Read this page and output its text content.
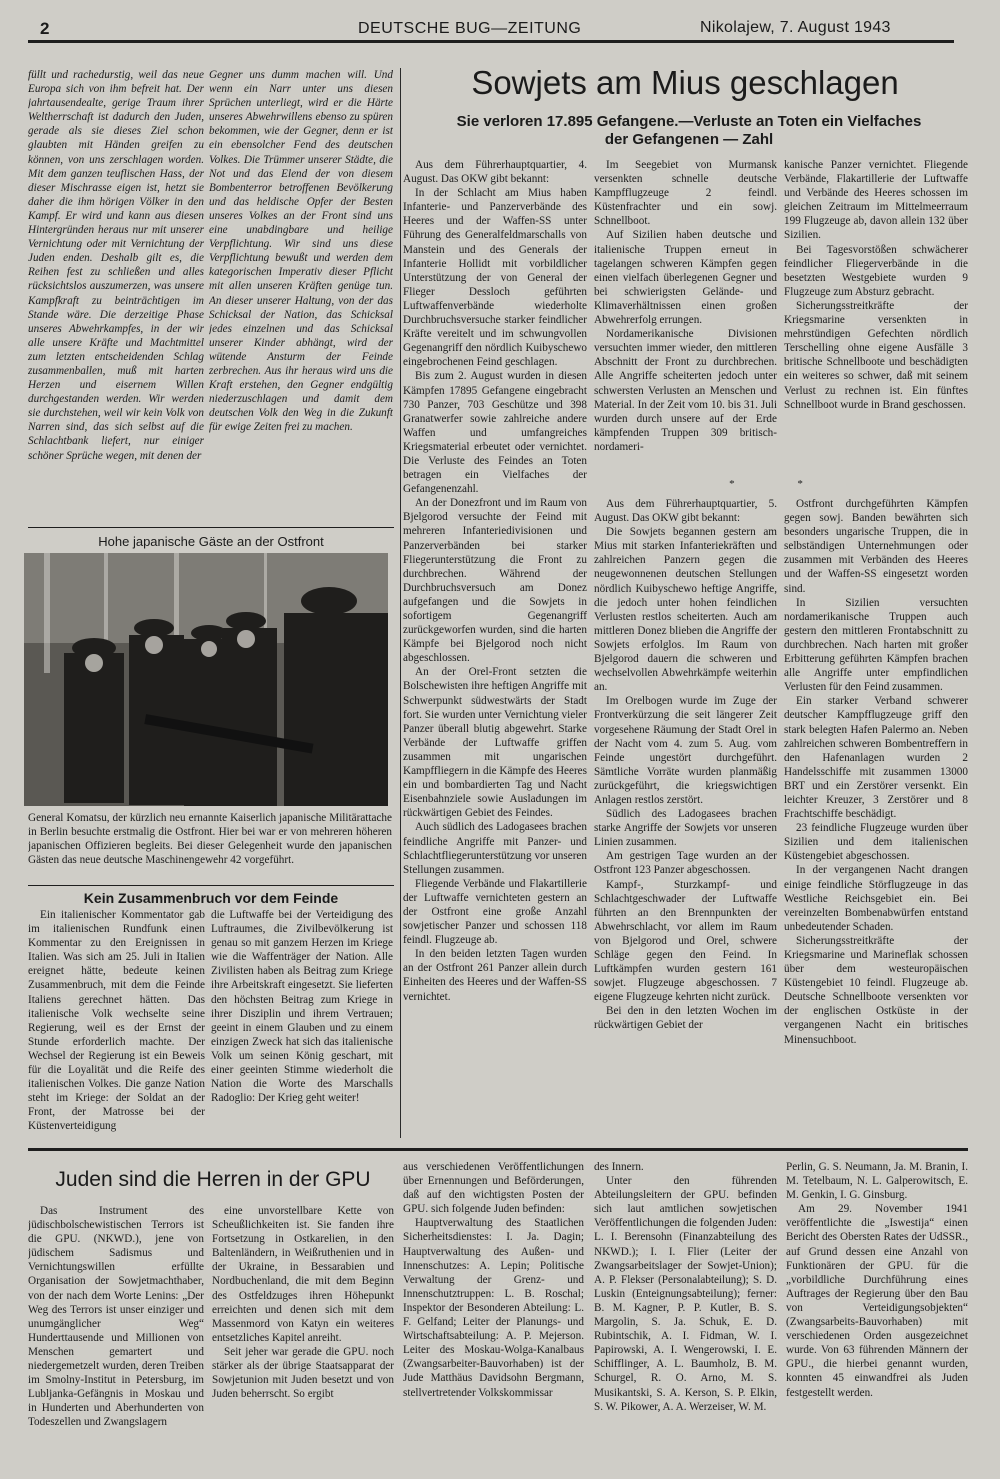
2	DEUTSCHE BUG—ZEITUNG	Nikolajew, 7. August 1943

füllt und rachedurstig, weil das neue Europa sich von ihm befreit hat. Der jahrtausendealte, gerige Traum ihrer Weltherrschaft ist dadurch den Juden, gerade als sie dieses Ziel schon glaubten mit Händen greifen zu können, von uns zerschlagen worden. Mit dem ganzen teuflischen Hass, der dieser Mischrasse eigen ist, hetzt sie daher die ihm hörigen Völker in den Kampf. Er wird und kann aus diesen Hintergründen heraus nur mit unserer Vernichtung oder mit Vernichtung der Juden enden. Deshalb gilt es, die Reihen fest zu schließen und alles rücksichtslos auszumerzen, was unsere Kampfkraft zu beinträchtigen im Stande wäre. Die derzeitige Phase unseres Abwehrkampfes, in der wir alle unsere Kräfte und Machtmittel zum letzten entscheidenden Schlag zusammenballen, muß mit harten Herzen und eisernem Willen durchgestanden werden. Wir werden sie durchstehen, weil wir kein Volk von Narren sind, das sich selbst auf die Schlachtbank liefert, nur einiger schöner Sprüche wegen, mit denen der

Gegner uns dumm machen will. Und wenn ein Narr unter uns diesen Sprüchen unterliegt, wird er die Härte unseres Abwehrwillens ebenso zu spüren bekommen, wie der Gegner, denn er ist ein ebensolcher Fend des deutschen Volkes. Die Trümmer unserer Städte, die Not und das Elend der von diesem Bombenterror betroffenen Bevölkerung und das heldische Opfer der Besten unseres Volkes an der Front sind uns eine unabdingbare und heilige Verpflichtung. Wir sind uns diese Verpflichtung bewußt und werden dem kategorischen Imperativ dieser Pflicht mit allen unseren Kräften genüge tun. An dieser unserer Haltung, von der das Schicksal der Nation, das Schicksal jedes einzelnen und das Schicksal unserer Kinder abhängt, wird der wütende Ansturm der Feinde zerbrechen. Aus ihr heraus wird uns die Kraft erstehen, den Gegner endgültig niederzuschlagen und damit dem deutschen Volk den Weg in die Zukunft für ewige Zeiten frei zu machen.

Hohe japanische Gäste an der Ostfront

General Komatsu, der kürzlich neu ernannte Kaiserlich japanische Militärattache in Berlin besuchte erstmalig die Ostfront. Hier bei war er von mehreren höheren japanischen Offizieren begleits. Bei dieser Gelegenheit wurde den japanischen Gästen das neue deutsche Maschinengewehr 42 vorgeführt.

Kein Zusammenbruch vor dem Feinde

Ein italienischer Kommentator gab im italienischen Rundfunk einen Kommentar zu den Ereignissen in Italien. Was sich am 25. Juli in Italien ereignet hätte, bedeute keinen Zusammenbruch, mit dem die Feinde Italiens gerechnet hätten. Das italienische Volk wechselte seine Regierung, weil es der Ernst der Stunde erforderlich machte. Der Wechsel der Regierung ist ein Beweis für die Loyalität und die Reife des italienischen Volkes. Die ganze Nation steht im Kriege: der Soldat an der Front, der Matrosse bei der Küstenverteidigung

die Luftwaffe bei der Verteidigung des Luftraumes, die Zivilbevölkerung ist genau so mit ganzem Herzen im Kriege wie die Waffenträger der Nation. Alle Zivilisten haben als Beitrag zum Kriege ihre Arbeitskraft eingesetzt. Sie lieferten den höchsten Beitrag zum Kriege in ihrer Disziplin und ihrem Vertrauen; geeint in einem Glauben und zu einem einzigen Zweck hat sich das italienische Volk um seinen König geschart, mit einer geeinten Stimme wiederholt die Nation die Worte des Marschalls Radoglio: Der Krieg geht weiter!

Sowjets am Mius geschlagen
Sie verloren 17.895 Gefangene.—Verluste an Toten ein Vielfaches
der Gefangenen — Zahl

Aus dem Führerhauptquartier, 4. August. Das OKW gibt bekannt:

In der Schlacht am Mius haben Infanterie- und Panzerverbände des Heeres und der Waffen-SS unter Führung des Generalfeldmarschalls von Manstein und des Generals der Infanterie Hollidt mit vorbildlicher Unterstützung der von General der Flieger Dessloch geführten Luftwaffenverbände wiederholte Durchbruchsversuche starker feindlicher Kräfte vereitelt und im schwungvollen Gegenangriff den nördlich Kuibyschewo eingebrochenen Feind geschlagen.

Bis zum 2. August wurden in diesen Kämpfen 17895 Gefangene eingebracht 730 Panzer, 703 Geschütze und 398 Granatwerfer sowie zahlreiche andere Waffen und umfangreiches Kriegsmaterial erbeutet oder vernichtet. Die Verluste des Feindes an Toten betragen ein Vielfaches der Gefangenenzahl.

An der Donezfront und im Raum von Bjelgorod versuchte der Feind mit mehreren Infanteriedivisionen und Panzerverbänden bei starker Fliegerunterstützung die Front zu durchbrechen. Während der Durchbruchsversuch am Donez aufgefangen und die Sowjets in sofortigem Gegenangriff zurückgeworfen wurden, sind die harten Kämpfe bei Bjelgorod noch nicht abgeschlossen.

An der Orel-Front setzten die Bolschewisten ihre heftigen Angriffe mit Schwerpunkt südwestwärts der Stadt fort. Sie wurden unter Vernichtung vieler Panzer überall blutig abgewehrt. Starke Verbände der Luftwaffe griffen zusammen mit ungarischen Kampffliegern in die Kämpfe des Heeres ein und bombardierten Tag und Nacht Eisenbahnziele sowie Ausladungen im rückwärtigen Gebiet des Feindes.

Auch südlich des Ladogasees brachen feindliche Angriffe mit Panzer- und Schlachtfliegerunterstützung vor unseren Stellungen zusammen.

Fliegende Verbände und Flakartillerie der Luftwaffe vernichteten gestern an der Ostfront eine große Anzahl sowjetischer Panzer und schossen 118 feindl. Flugzeuge ab.

In den beiden letzten Tagen wurden an der Ostfront 261 Panzer allein durch Einheiten des Heeres und der Waffen-SS vernichtet.

Im Seegebiet von Murmansk versenkten schnelle deutsche Kampfflugzeuge 2 feindl. Küstenfrachter und ein sowj. Schnellboot.

Auf Sizilien haben deutsche und italienische Truppen erneut in tagelangen schweren Kämpfen gegen einen vielfach überlegenen Gegner und bei schwierigsten Gelände- und Klimaverhältnissen einen großen Abwehrerfolg errungen.

Nordamerikanische Divisionen versuchten immer wieder, den mittleren Abschnitt der Front zu durchbrechen. Alle Angriffe scheiterten jedoch unter schwersten Verlusten an Menschen und Material. In der Zeit vom 10. bis 31. Juli wurden durch unsere auf der Erde kämpfenden Truppen 309 britisch-nordameri-

kanische Panzer vernichtet. Fliegende Verbände, Flakartillerie der Luftwaffe und Verbände des Heeres schossen im gleichen Zeitraum im Mittelmeerraum 199 Flugzeuge ab, davon allein 132 über Sizilien.

Bei Tagesvorstößen schwächerer feindlicher Fliegerverbände in die besetzten Westgebiete wurden 9 Flugzeuge zum Absturz gebracht.

Sicherungsstreitkräfte der Kriegsmarine versenkten in mehrstündigen Gefechten nördlich Terschelling ohne eigene Ausfälle 3 britische Schnellboote und beschädigten ein weiteres so schwer, daß mit seinem Verlust zu rechnen ist. Ein fünftes Schnellboot wurde in Brand geschossen.

* *

Aus dem Führerhauptquartier, 5. August. Das OKW gibt bekannt:

Die Sowjets begannen gestern am Mius mit starken Infanteriekräften und zahlreichen Panzern gegen die neugewonnenen deutschen Stellungen nördlich Kuibyschewo heftige Angriffe, die jedoch unter hohen feindlichen Verlusten restlos scheiterten. Auch am mittleren Donez blieben die Angriffe der Sowjets erfolglos. Im Raum von Bjelgorod dauern die schweren und wechselvollen Abwehrkämpfe weiterhin an.

Im Orelbogen wurde im Zuge der Frontverkürzung die seit längerer Zeit vorgesehene Räumung der Stadt Orel in der Nacht vom 4. zum 5. Aug. vom Feinde ungestört durchgeführt. Sämtliche Vorräte wurden planmäßig zurückgeführt, die kriegswichtigen Anlagen restlos zerstört.

Südlich des Ladogasees brachen starke Angriffe der Sowjets vor unseren Linien zusammen.

Am gestrigen Tage wurden an der Ostfront 123 Panzer abgeschossen.

Kampf-, Sturzkampf- und Schlachtgeschwader der Luftwaffe führten an den Brennpunkten der Abwehrschlacht, vor allem im Raum von Bjelgorod und Orel, schwere Schläge gegen den Feind. In Luftkämpfen wurden gestern 161 sowjet. Flugzeuge abgeschossen. 7 eigene Flugzeuge kehrten nicht zurück.

Bei den in den letzten Wochen im rückwärtigen Gebiet der

Ostfront durchgeführten Kämpfen gegen sowj. Banden bewährten sich besonders ungarische Truppen, die in selbständigen Unternehmungen oder zusammen mit Verbänden des Heeres und der Waffen-SS eingesetzt worden sind.

In Sizilien versuchten nordamerikanische Truppen auch gestern den mittleren Frontabschnitt zu durchbrechen. Nach harten mit großer Erbitterung geführten Kämpfen brachen alle Angriffe unter empfindlichen Verlusten für den Feind zusammen.

Ein starker Verband schwerer deutscher Kampfflugzeuge griff den stark belegten Hafen Palermo an. Neben zahlreichen schweren Bombentreffern in den Hafenanlagen wurden 2 Handelsschiffe mit zusammen 13000 BRT und ein Zerstörer versenkt. Ein leichter Kreuzer, 3 Zerstörer und 8 Frachtschiffe beschädigt.

23 feindliche Flugzeuge wurden über Sizilien und dem italienischen Küstengebiet abgeschossen.

In der vergangenen Nacht drangen einige feindliche Störflugzeuge in das Westliche Reichsgebiet ein. Bei vereinzelten Bombenabwürfen entstand unbedeutender Schaden.

Sicherungsstreitkräfte der Kriegsmarine und Marineflak schossen über dem westeuropäischen Küstengebiet 10 feindl. Flugzeuge ab. Deutsche Schnellboote versenkten vor der englischen Ostküste in der vergangenen Nacht ein britisches Minensuchboot.

Juden sind die Herren in der GPU

Das Instrument des jüdischbolschewistischen Terrors ist die GPU. (NKWD.), jene von jüdischem Sadismus und Vernichtungswillen erfüllte Organisation der Sowjetmachthaber, von der nach dem Worte Lenins: „Der Weg des Terrors ist unser einziger und unumgänglicher Weg“ Hunderttausende und Millionen von Menschen gemartert und niedergemetzelt wurden, deren Treiben im Smolny-Institut in Petersburg, im Lubljanka-Gefängnis in Moskau und in Hunderten und Aberhunderten von Todeszellen und Zwangslagern

eine unvorstellbare Kette von Scheußlichkeiten ist. Sie fanden ihre Fortsetzung in Ostkarelien, in den Baltenländern, in Weißruthenien und in der Ukraine, in Bessarabien und Nordbuchenland, die mit dem Beginn des Ostfeldzuges ihren Höhepunkt erreichten und denen sich mit dem Massenmord von Katyn ein weiteres entsetzliches Kapitel anreiht.

Seit jeher war gerade die GPU. noch stärker als der übrige Staatsapparat der Sowjetunion mit Juden besetzt und von Juden beherrscht. So ergibt

aus verschiedenen Veröffentlichungen über Ernennungen und Beförderungen, daß auf den wichtigsten Posten der GPU. sich folgende Juden befinden:

Hauptverwaltung des Staatlichen Sicherheitsdienstes: I. Ja. Dagin; Hauptverwaltung des Außen- und Innenschutzes: A. Lepin; Politische Verwaltung der Grenz- und Innenschutztruppen: L. B. Roschal; Inspektor der Besonderen Abteilung: L. F. Gelfand; Leiter der Planungs- und Wirtschaftsabteilung: A. P. Mejerson. Leiter des Moskau-Wolga-Kanalbaus (Zwangsarbeiter-Bauvorhaben) ist der Jude Matthäus Davidsohn Bergmann, stellvertretender Volkskommissar

des Innern.

Unter den führenden Abteilungsleitern der GPU. befinden sich laut amtlichen sowjetischen Veröffentlichungen die folgenden Juden: L. I. Berensohn (Finanzabteilung des NKWD.); I. I. Flier (Leiter der Zwangsarbeitslager der Sowjet-Union); A. P. Flekser (Personalabteilung); S. D. Luskin (Enteignungsabteilung); ferner: B. M. Kagner, P. P. Kutler, B. S. Margolin, S. Ja. Schuk, E. D. Rubintschik, A. I. Fidman, W. I. Papirowski, A. I. Wengerowski, I. E. Schifflinger, A. L. Baumholz, B. M. Schurgel, R. O. Arno, M. S. Musikantski, S. A. Kerson, S. P. Elkin, S. W. Pikower, A. A. Werzeiser, W. M.

Perlin, G. S. Neumann, Ja. M. Branin, I. M. Tetelbaum, N. L. Galperowitsch, E. M. Genkin, I. G. Ginsburg.

Am 29. November 1941 veröffentlichte die „Iswestija“ einen Bericht des Obersten Rates der UdSSR., auf Grund dessen eine Anzahl von Funktionären der GPU. für die „vorbildliche Durchführung eines Auftrages der Regierung über den Bau von Verteidigungsobjekten“ (Zwangsarbeits-Bauvorhaben) mit verschiedenen Orden ausgezeichnet wurde. Von 63 führenden Männern der GPU., die hierbei genannt wurden, konnten 45 einwandfrei als Juden festgestellt werden.
